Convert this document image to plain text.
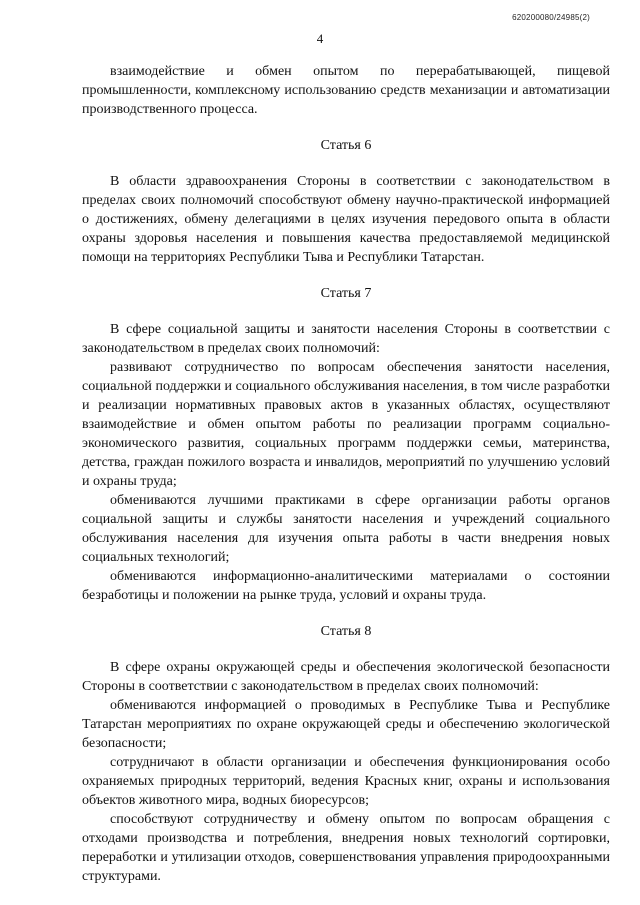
620200080/24985(2)
4

взаимодействие и обмен опытом по перерабатывающей, пищевой промышленности, комплексному использованию средств механизации и автоматизации производственного процесса.

Статья 6

В области здравоохранения Стороны в соответствии с законодательством в пределах своих полномочий способствуют обмену научно-практической информацией о достижениях, обмену делегациями в целях изучения передового опыта в области охраны здоровья населения и повышения качества предоставляемой медицинской помощи на территориях Республики Тыва и Республики Татарстан.

Статья 7

В сфере социальной защиты и занятости населения Стороны в соответствии с законодательством в пределах своих полномочий:

развивают сотрудничество по вопросам обеспечения занятости населения, социальной поддержки и социального обслуживания населения, в том числе разработки и реализации нормативных правовых актов в указанных областях, осуществляют взаимодействие и обмен опытом работы по реализации программ социально-экономического развития, социальных программ поддержки семьи, материнства, детства, граждан пожилого возраста и инвалидов, мероприятий по улучшению условий и охраны труда;

обмениваются лучшими практиками в сфере организации работы органов социальной защиты и службы занятости населения и учреждений социального обслуживания населения для изучения опыта работы в части внедрения новых социальных технологий;

обмениваются информационно-аналитическими материалами о состоянии безработицы и положении на рынке труда, условий и охраны труда.

Статья 8

В сфере охраны окружающей среды и обеспечения экологической безопасности Стороны в соответствии с законодательством в пределах своих полномочий:

обмениваются информацией о проводимых в Республике Тыва и Республике Татарстан мероприятиях по охране окружающей среды и обеспечению экологической безопасности;

сотрудничают в области организации и обеспечения функционирования особо охраняемых природных территорий, ведения Красных книг, охраны и использования объектов животного мира, водных биоресурсов;

способствуют сотрудничеству и обмену опытом по вопросам обращения с отходами производства и потребления, внедрения новых технологий сортировки, переработки и утилизации отходов, совершенствования управления природоохранными структурами.
